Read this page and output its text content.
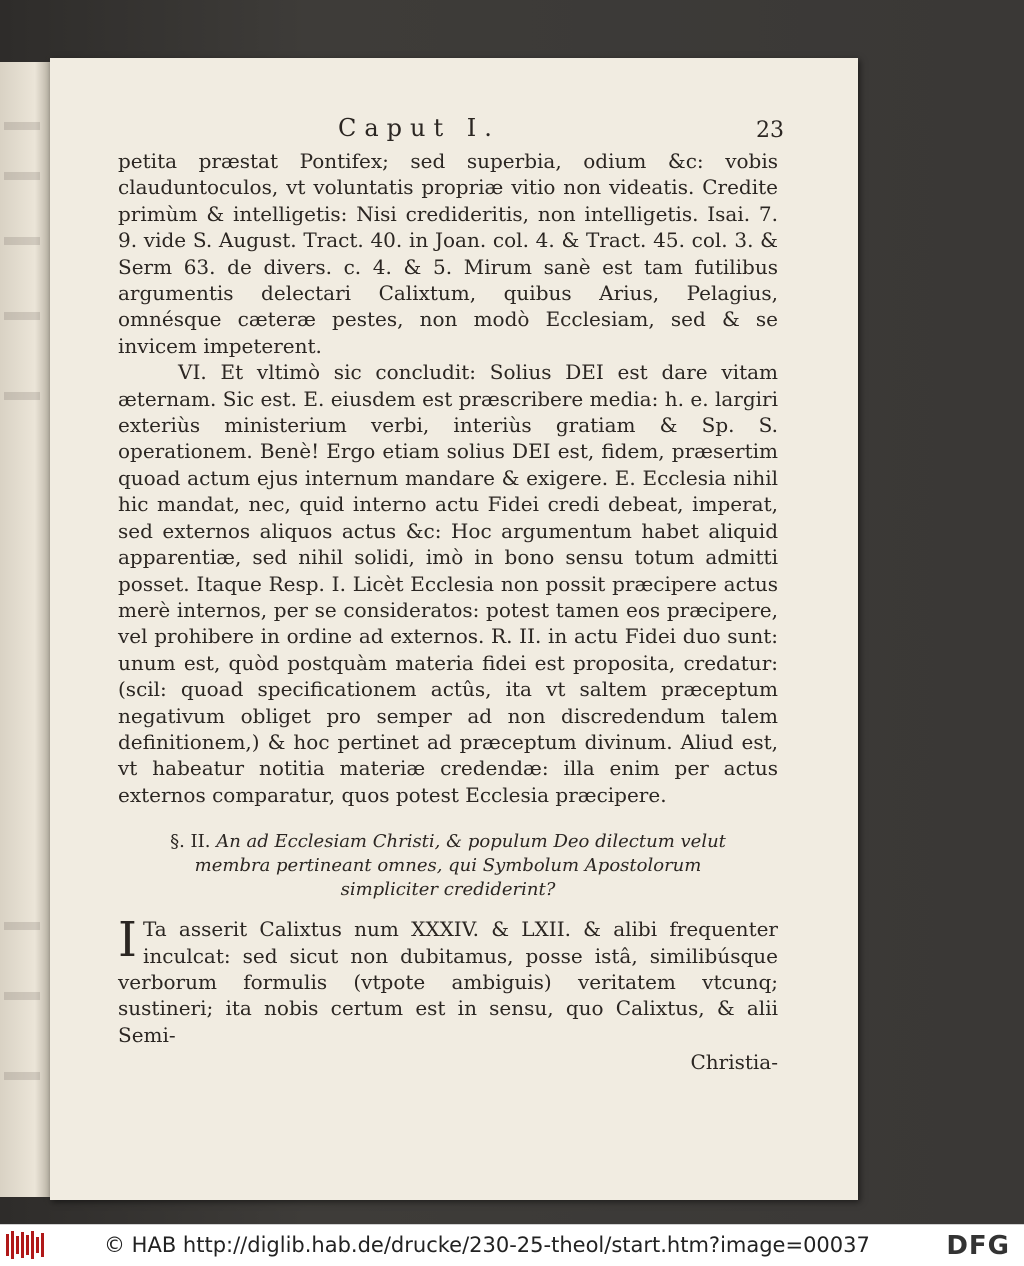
Caput I.	23

petita præstat Pontifex; sed superbia, odium &c: vobis clauduntoculos, vt voluntatis propriæ vitio non videatis. Credite primùm & intelligetis: Nisi credideritis, non intelligetis. Isai. 7. 9. vide S. August. Tract. 40. in Joan. col. 4. & Tract. 45. col. 3. & Serm 63. de divers. c. 4. & 5. Mirum sanè est tam futilibus argumentis delectari Calixtum, quibus Arius, Pelagius, omnésque cæteræ pestes, non modò Ecclesiam, sed & se invicem impeterent.

VI. Et vltimò sic concludit: Solius DEI est dare vitam æternam. Sic est. E. eiusdem est præscribere media: h. e. largiri exteriùs ministerium verbi, interiùs gratiam & Sp. S. operationem. Benè! Ergo etiam solius DEI est, fidem, præsertim quoad actum ejus internum mandare & exigere. E. Ecclesia nihil hic mandat, nec, quid interno actu Fidei credi debeat, imperat, sed externos aliquos actus &c: Hoc argumentum habet aliquid apparentiæ, sed nihil solidi, imò in bono sensu totum admitti posset. Itaque Resp. I. Licèt Ecclesia non possit præcipere actus merè internos, per se consideratos: potest tamen eos præcipere, vel prohibere in ordine ad externos. R. II. in actu Fidei duo sunt: unum est, quòd postquàm materia fidei est proposita, credatur: (scil: quoad specificationem actûs, ita vt saltem præceptum negativum obliget pro semper ad non discredendum talem definitionem,) & hoc pertinet ad præceptum divinum. Aliud est, vt habeatur notitia materiæ credendæ: illa enim per actus externos comparatur, quos potest Ecclesia præcipere.

§. II. An ad Ecclesiam Christi, & populum Deo dilectum velut membra pertineant omnes, qui Symbolum Apostolorum simpliciter crediderint?

I Ta asserit Calixtus num XXXIV. & LXII. & alibi frequenter inculcat: sed sicut non dubitamus, posse istâ, similibúsque verborum formulis (vtpote ambiguis) veritatem vtcunq; sustineri; ita nobis certum est in sensu, quo Calixtus, & alii Semi-

Christia-
© HAB http://diglib.hab.de/drucke/230-25-theol/start.htm?image=00037	DFG
